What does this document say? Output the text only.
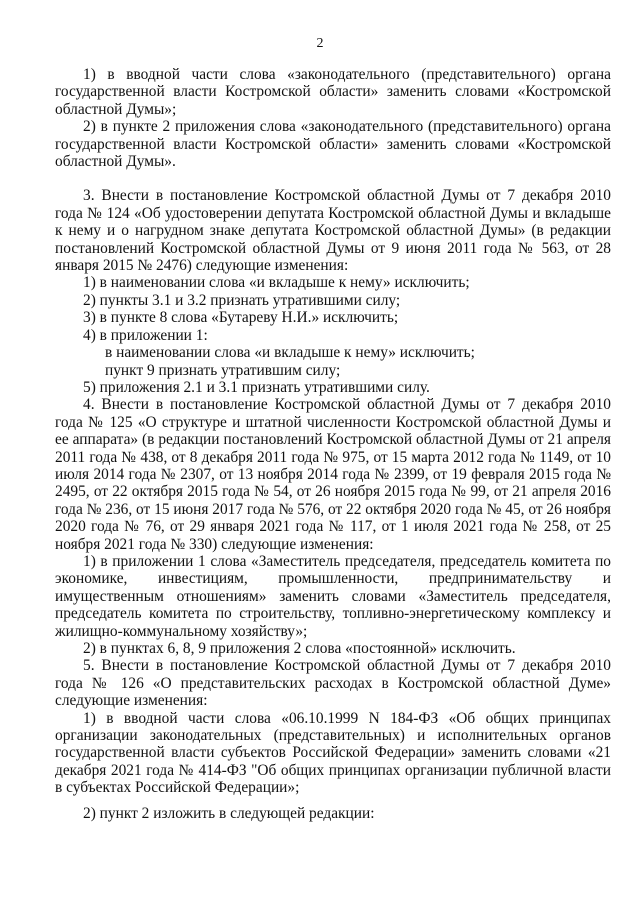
2

1) в вводной части слова «законодательного (представительного) органа государственной власти Костромской области» заменить словами «Костромской областной Думы»;

2) в пункте 2 приложения слова «законодательного (представительного) органа государственной власти Костромской области» заменить словами «Костромской областной Думы».

3. Внести в постановление Костромской областной Думы от 7 декабря 2010 года № 124 «Об удостоверении депутата Костромской областной Думы и вкладыше к нему и о нагрудном знаке депутата Костромской областной Думы» (в редакции постановлений Костромской областной Думы от 9 июня 2011 года № 563, от 28 января 2015 № 2476) следующие изменения:

1) в наименовании слова «и вкладыше к нему» исключить;

2) пункты 3.1 и 3.2 признать утратившими силу;

3) в пункте 8 слова «Бутареву Н.И.» исключить;

4) в приложении 1:

в наименовании слова «и вкладыше к нему» исключить;

пункт 9 признать утратившим силу;

5) приложения 2.1 и 3.1 признать утратившими силу.

4. Внести в постановление Костромской областной Думы от 7 декабря 2010 года № 125 «О структуре и штатной численности Костромской областной Думы и ее аппарата» (в редакции постановлений Костромской областной Думы от 21 апреля 2011 года № 438, от 8 декабря 2011 года № 975, от 15 марта 2012 года № 1149, от 10 июля 2014 года № 2307, от 13 ноября 2014 года № 2399, от 19 февраля 2015 года № 2495, от 22 октября 2015 года № 54, от 26 ноября 2015 года № 99, от 21 апреля 2016 года № 236, от 15 июня 2017 года № 576, от 22 октября 2020 года № 45, от 26 ноября 2020 года № 76, от 29 января 2021 года № 117, от 1 июля 2021 года № 258, от 25 ноября 2021 года № 330) следующие изменения:

1) в приложении 1 слова «Заместитель председателя, председатель комитета по экономике, инвестициям, промышленности, предпринимательству и имущественным отношениям» заменить словами «Заместитель председателя, председатель комитета по строительству, топливно-энергетическому комплексу и жилищно-коммунальному хозяйству»;

2) в пунктах 6, 8, 9 приложения 2 слова «постоянной» исключить.

5. Внести в постановление Костромской областной Думы от 7 декабря 2010 года № 126 «О представительских расходах в Костромской областной Думе» следующие изменения:

1) в вводной части слова «06.10.1999 N 184-ФЗ «Об общих принципах организации законодательных (представительных) и исполнительных органов государственной власти субъектов Российской Федерации» заменить словами «21 декабря 2021 года № 414-ФЗ "Об общих принципах организации публичной власти в субъектах Российской Федерации»;

2) пункт 2 изложить в следующей редакции:
